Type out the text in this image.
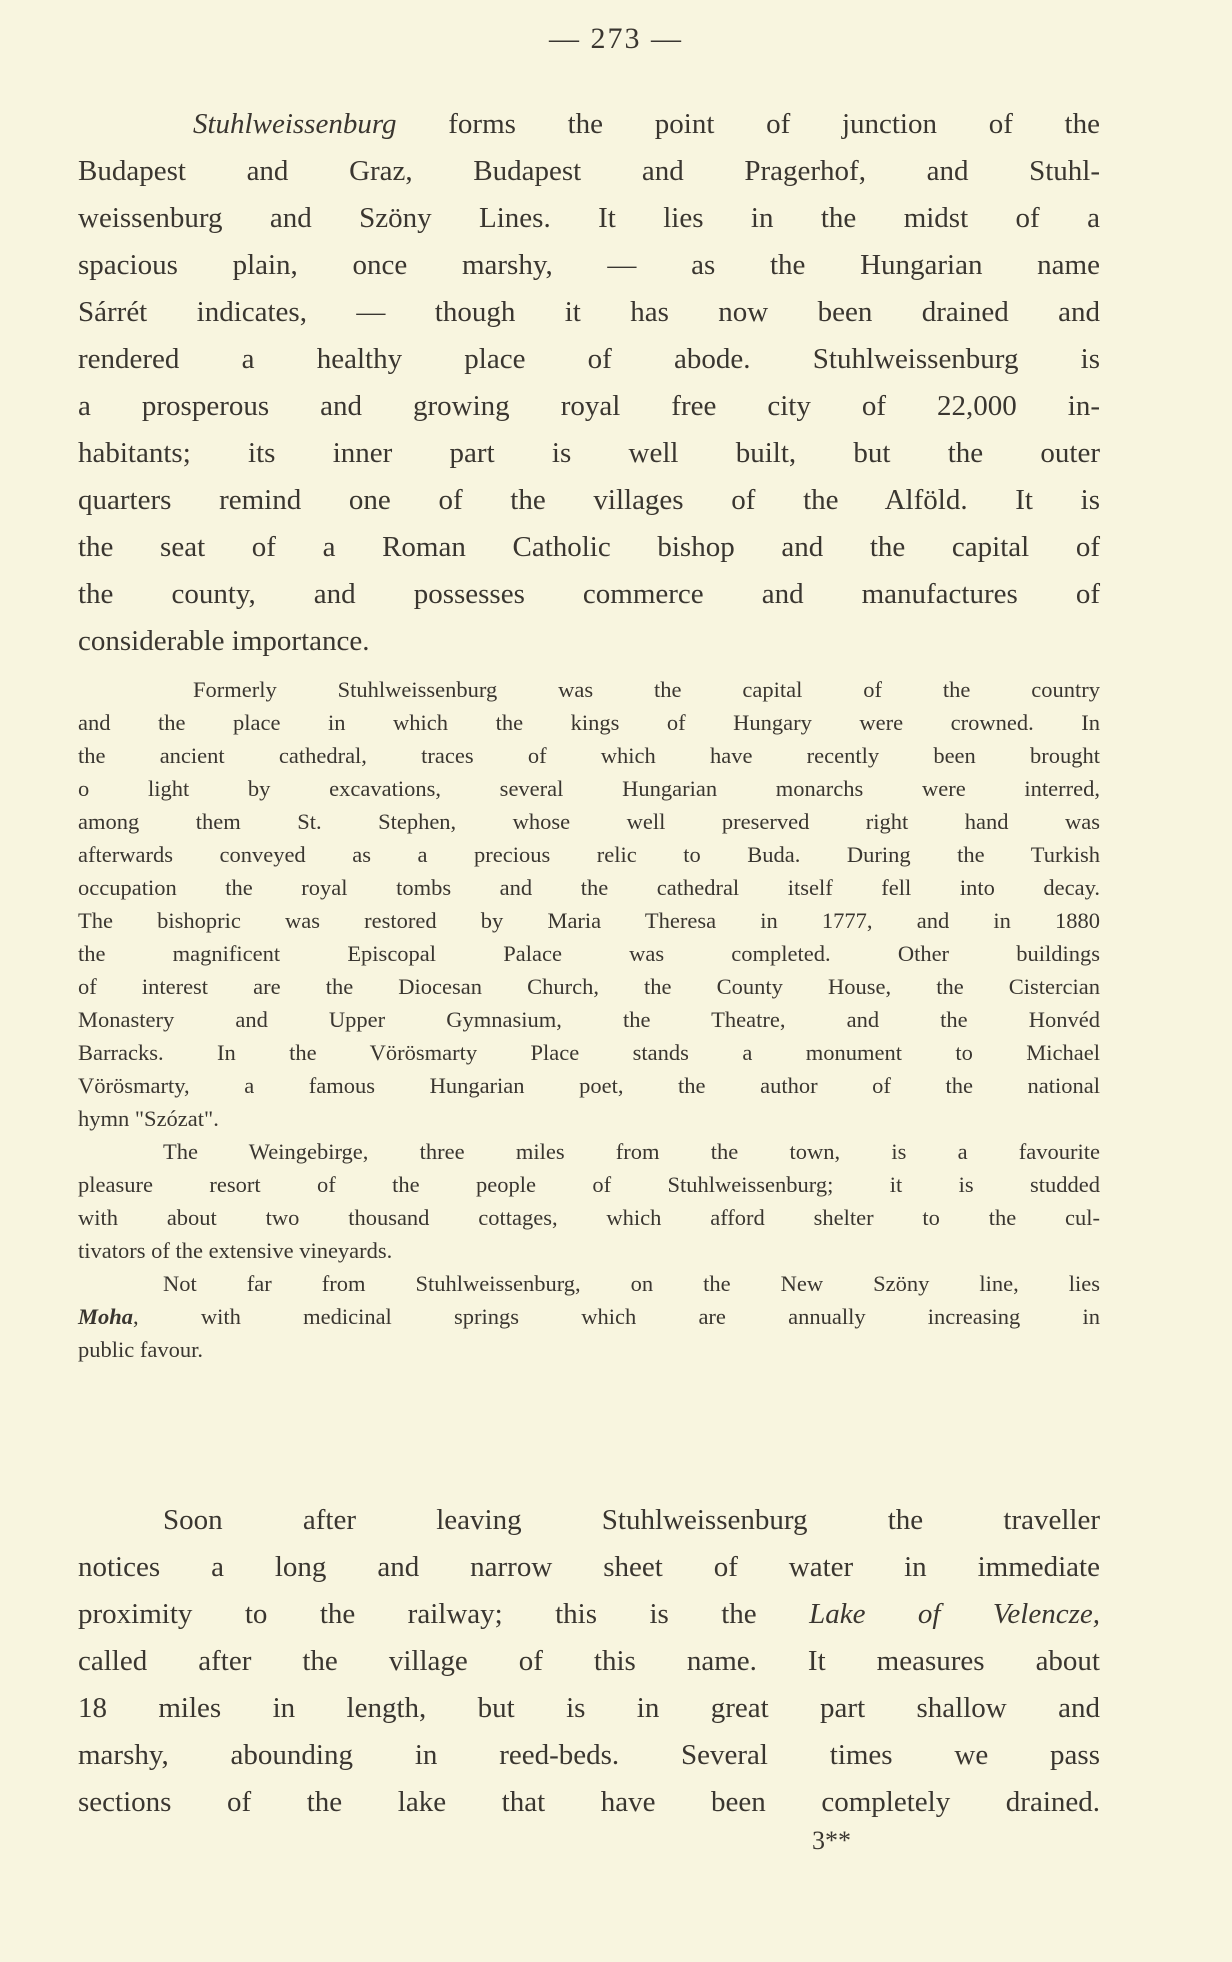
— 273 —
Stuhlweissenburg forms the point of junction of the
Budapest and Graz, Budapest and Pragerhof, and Stuhl-
weissenburg and Szöny Lines. It lies in the midst of a
spacious plain, once marshy, — as the Hungarian name
Sárrét indicates, — though it has now been drained and
rendered a healthy place of abode. Stuhlweissenburg is
a prosperous and growing royal free city of 22,000 in-
habitants; its inner part is well built, but the outer
quarters remind one of the villages of the Alföld. It is
the seat of a Roman Catholic bishop and the capital of
the county, and possesses commerce and manufactures of
considerable importance.
Formerly Stuhlweissenburg was the capital of the country
and the place in which the kings of Hungary were crowned. In
the ancient cathedral, traces of which have recently been brought
o light by excavations, several Hungarian monarchs were interred,
among them St. Stephen, whose well preserved right hand was
afterwards conveyed as a precious relic to Buda. During the Turkish
occupation the royal tombs and the cathedral itself fell into decay.
The bishopric was restored by Maria Theresa in 1777, and in 1880
the magnificent Episcopal Palace was completed. Other buildings
of interest are the Diocesan Church, the County House, the Cistercian
Monastery and Upper Gymnasium, the Theatre, and the Honvéd
Barracks. In the Vörösmarty Place stands a monument to Michael
Vörösmarty, a famous Hungarian poet, the author of the national
hymn "Szózat".
The Weingebirge, three miles from the town, is a favourite
pleasure resort of the people of Stuhlweissenburg; it is studded
with about two thousand cottages, which afford shelter to the cul-
tivators of the extensive vineyards.
Not far from Stuhlweissenburg, on the New Szöny line, lies
Moha, with medicinal springs which are annually increasing in
public favour.
Soon after leaving Stuhlweissenburg the traveller
notices a long and narrow sheet of water in immediate
proximity to the railway; this is the Lake of Velencze,
called after the village of this name. It measures about
18 miles in length, but is in great part shallow and
marshy, abounding in reed-beds. Several times we pass
sections of the lake that have been completely drained.
3**
